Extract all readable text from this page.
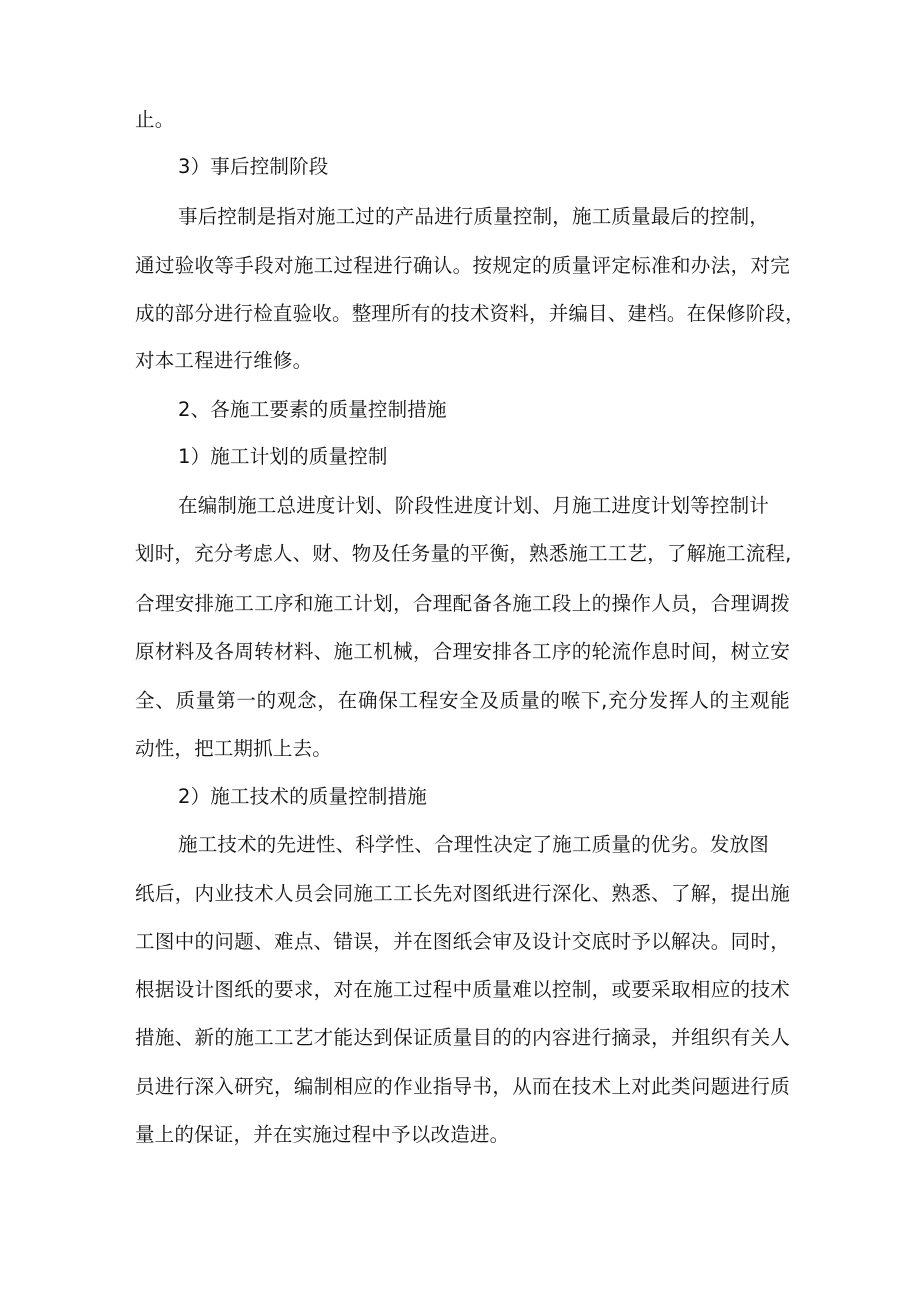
止。
3）事后控制阶段
事后控制是指对施工过的产品进行质量控制，施工质量最后的控制，
通过验收等手段对施工过程进行确认。按规定的质量评定标准和办法，对完
成的部分进行检直验收。整理所有的技术资料，并编目、建档。在保修阶段，
对本工程进行维修。
2、各施工要素的质量控制措施
1）施工计划的质量控制
在编制施工总进度计划、阶段性进度计划、月施工进度计划等控制计
划时，充分考虑人、财、物及任务量的平衡，熟悉施工工艺，了解施工流程,
合理安排施工工序和施工计划，合理配备各施工段上的操作人员，合理调拨
原材料及各周转材料、施工机械，合理安排各工序的轮流作息时间，树立安
全、质量第一的观念，在确保工程安全及质量的喉下,充分发挥人的主观能
动性，把工期抓上去。
2）施工技术的质量控制措施
施工技术的先进性、科学性、合理性决定了施工质量的优劣。发放图
纸后，内业技术人员会同施工工长先对图纸进行深化、熟悉、了解，提出施
工图中的问题、难点、错误，并在图纸会审及设计交底时予以解决。同时，
根据设计图纸的要求，对在施工过程中质量难以控制，或要采取相应的技术
措施、新的施工工艺才能达到保证质量目的的内容进行摘录，并组织有关人
员进行深入研究，编制相应的作业指导书，从而在技术上对此类问题进行质
量上的保证，并在实施过程中予以改造进。
